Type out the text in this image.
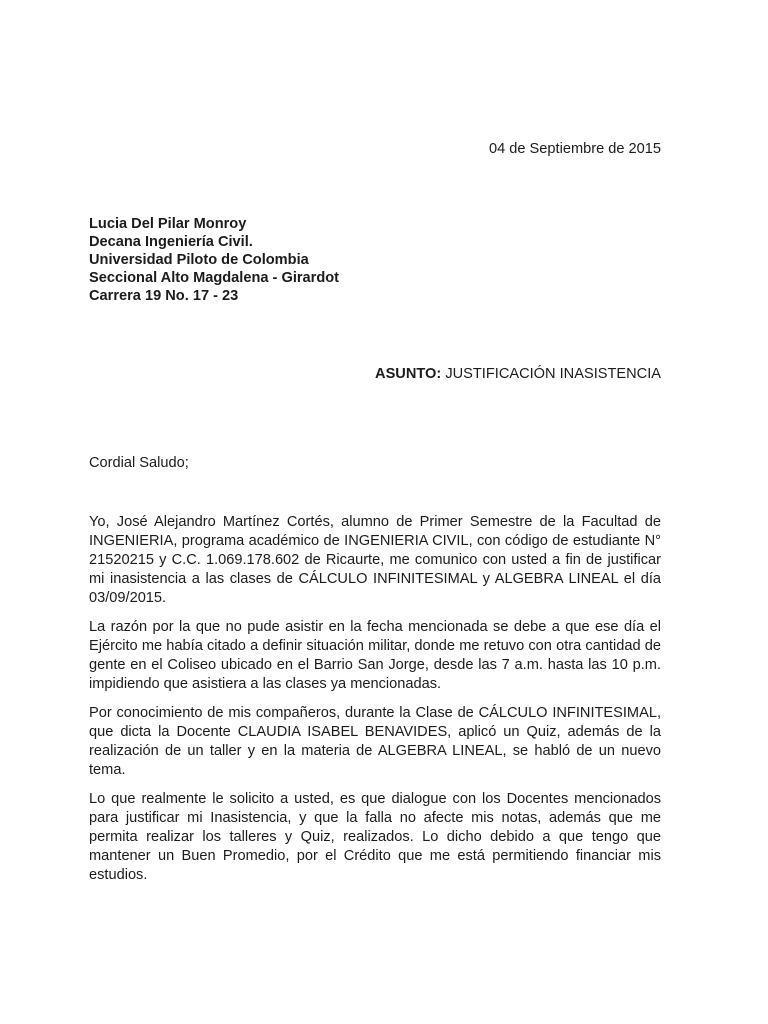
04 de Septiembre de 2015
Lucia Del Pilar Monroy
Decana Ingeniería Civil.
Universidad Piloto de Colombia
Seccional Alto Magdalena - Girardot
Carrera 19 No. 17 - 23
ASUNTO: JUSTIFICACIÓN INASISTENCIA
Cordial Saludo;

Yo, José Alejandro Martínez Cortés, alumno de Primer Semestre de la Facultad de INGENIERIA, programa académico de INGENIERIA CIVIL, con código de estudiante N° 21520215 y C.C. 1.069.178.602 de Ricaurte, me comunico con usted a fin de justificar mi inasistencia a las clases de CÁLCULO INFINITESIMAL y ALGEBRA LINEAL el día 03/09/2015.

La razón por la que no pude asistir en la fecha mencionada se debe a que ese día el Ejército me había citado a definir situación militar, donde me retuvo con otra cantidad de gente en el Coliseo ubicado en el Barrio San Jorge, desde las 7 a.m. hasta las 10 p.m. impidiendo que asistiera a las clases ya mencionadas.

Por conocimiento de mis compañeros, durante la Clase de CÁLCULO INFINITESIMAL, que dicta la Docente CLAUDIA ISABEL BENAVIDES, aplicó un Quiz, además de la realización de un taller y en la materia de ALGEBRA LINEAL, se habló de un nuevo tema.

Lo que realmente le solicito a usted, es que dialogue con los Docentes mencionados para justificar mi Inasistencia, y que la falla no afecte mis notas, además que me permita realizar los talleres y Quiz, realizados. Lo dicho debido a que tengo que mantener un Buen Promedio, por el Crédito que me está permitiendo financiar mis estudios.
